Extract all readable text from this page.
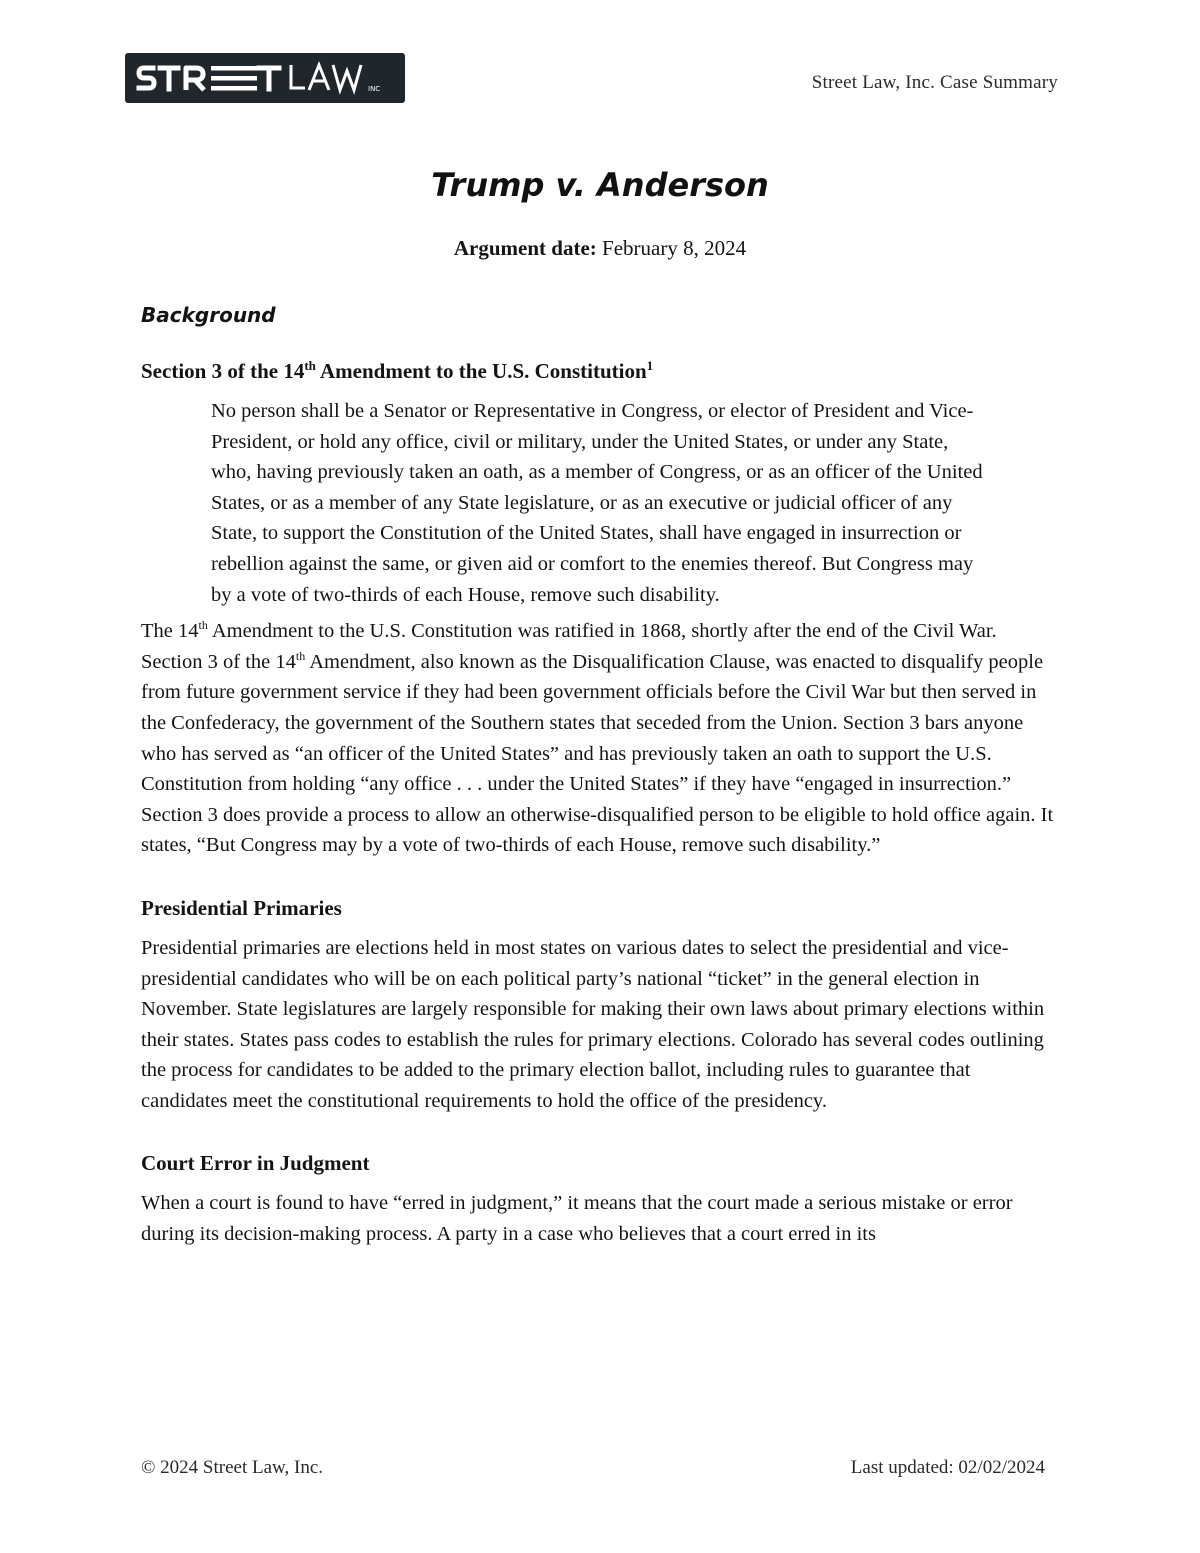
INC	Street Law, Inc. Case Summary
Trump v. Anderson
Argument date: February 8, 2024
Background
Section 3 of the 14th Amendment to the U.S. Constitution$^1$

No person shall be a Senator or Representative in Congress, or elector of President and Vice-President, or hold any office, civil or military, under the United States, or under any State, who, having previously taken an oath, as a member of Congress, or as an officer of the United States, or as a member of any State legislature, or as an executive or judicial officer of any State, to support the Constitution of the United States, shall have engaged in insurrection or rebellion against the same, or given aid or comfort to the enemies thereof. But Congress may by a vote of two-thirds of each House, remove such disability.

The 14th Amendment to the U.S. Constitution was ratified in 1868, shortly after the end of the Civil War. Section 3 of the 14th Amendment, also known as the Disqualification Clause, was enacted to disqualify people from future government service if they had been government officials before the Civil War but then served in the Confederacy, the government of the Southern states that seceded from the Union. Section 3 bars anyone who has served as “an officer of the United States” and has previously taken an oath to support the U.S. Constitution from holding “any office . . . under the United States” if they have “engaged in insurrection.” Section 3 does provide a process to allow an otherwise-disqualified person to be eligible to hold office again. It states, “But Congress may by a vote of two-thirds of each House, remove such disability.”

Presidential Primaries

Presidential primaries are elections held in most states on various dates to select the presidential and vice-presidential candidates who will be on each political party’s national “ticket” in the general election in November. State legislatures are largely responsible for making their own laws about primary elections within their states. States pass codes to establish the rules for primary elections. Colorado has several codes outlining the process for candidates to be added to the primary election ballot, including rules to guarantee that candidates meet the constitutional requirements to hold the office of the presidency.

Court Error in Judgment

When a court is found to have “erred in judgment,” it means that the court made a serious mistake or error during its decision-making process. A party in a case who believes that a court erred in its

© 2024 Street Law, Inc.	Last updated: 02/02/2024
